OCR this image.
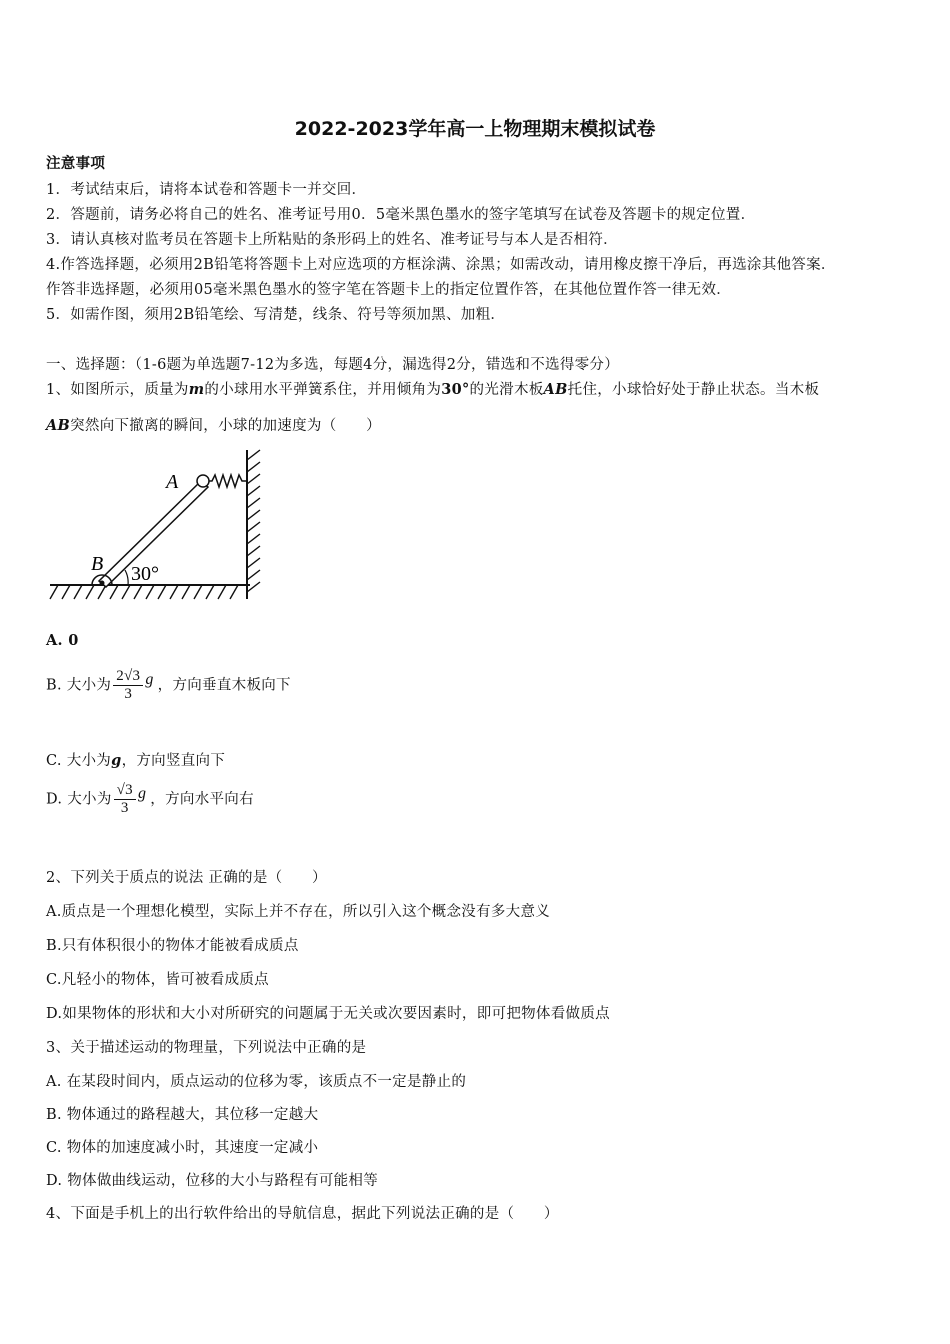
2022-2023学年高一上物理期末模拟试卷
注意事项
1．考试结束后，请将本试卷和答题卡一并交回．
2．答题前，请务必将自己的姓名、准考证号用0．5毫米黑色墨水的签字笔填写在试卷及答题卡的规定位置．
3．请认真核对监考员在答题卡上所粘贴的条形码上的姓名、准考证号与本人是否相符．
4.作答选择题，必须用2B铅笔将答题卡上对应选项的方框涂满、涂黑；如需改动，请用橡皮擦干净后，再选涂其他答案．
作答非选择题，必须用05毫米黑色墨水的签字笔在答题卡上的指定位置作答，在其他位置作答一律无效．
5．如需作图，须用2B铅笔绘、写清楚，线条、符号等须加黑、加粗．
一、选择题：（1-6题为单选题7-12为多选，每题4分，漏选得2分，错选和不选得零分）
1、如图所示，质量为m的小球用水平弹簧系住，并用倾角为30°的光滑木板AB托住，小球恰好处于静止状态。当木板
AB突然向下撤离的瞬间，小球的加速度为（　　）
A
B 30°
A. 0
B. 大小为 $\frac{2√3}{3}$ g ，方向垂直木板向下
C. 大小为g，方向竖直向下
D. 大小为 $\frac{√3}{3}$ g ，方向水平向右
2、下列关于质点的说法 正确的是（　　）
A.质点是一个理想化模型，实际上并不存在，所以引入这个概念没有多大意义
B.只有体积很小的物体才能被看成质点
C.凡轻小的物体，皆可被看成质点
D.如果物体的形状和大小对所研究的问题属于无关或次要因素时，即可把物体看做质点
3、关于描述运动的物理量，下列说法中正确的是
A. 在某段时间内，质点运动的位移为零，该质点不一定是静止的
B. 物体通过的路程越大，其位移一定越大
C. 物体的加速度减小时，其速度一定减小
D. 物体做曲线运动，位移的大小与路程有可能相等
4、下面是手机上的出行软件给出的导航信息，据此下列说法正确的是（　　）
